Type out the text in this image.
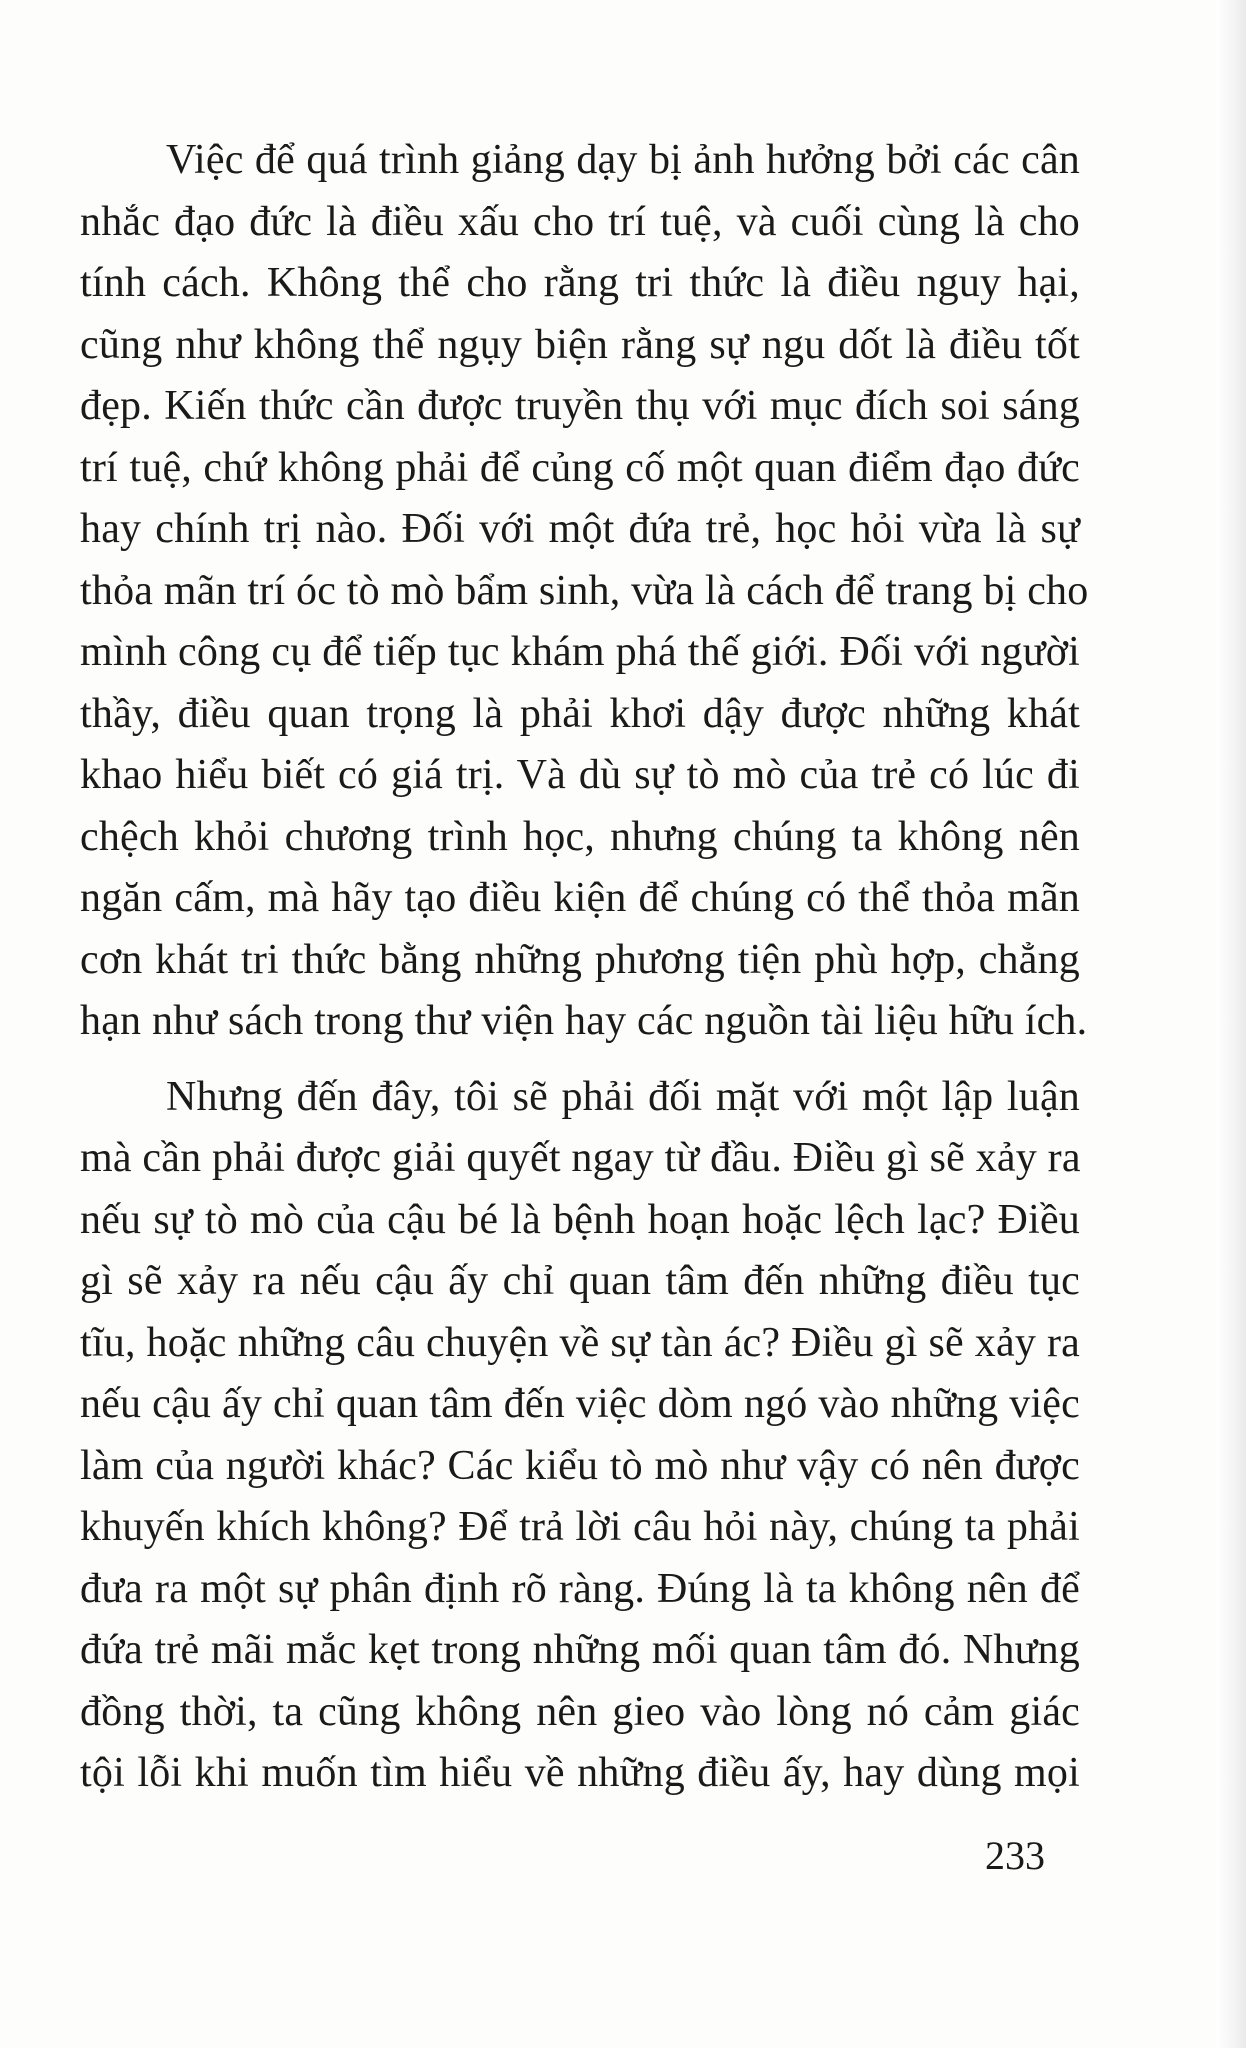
Việc để quá trình giảng dạy bị ảnh hưởng bởi các cân
nhắc đạo đức là điều xấu cho trí tuệ, và cuối cùng là cho
tính cách. Không thể cho rằng tri thức là điều nguy hại,
cũng như không thể ngụy biện rằng sự ngu dốt là điều tốt
đẹp. Kiến thức cần được truyền thụ với mục đích soi sáng
trí tuệ, chứ không phải để củng cố một quan điểm đạo đức
hay chính trị nào. Đối với một đứa trẻ, học hỏi vừa là sự
thỏa mãn trí óc tò mò bẩm sinh, vừa là cách để trang bị cho
mình công cụ để tiếp tục khám phá thế giới. Đối với người
thầy, điều quan trọng là phải khơi dậy được những khát
khao hiểu biết có giá trị. Và dù sự tò mò của trẻ có lúc đi
chệch khỏi chương trình học, nhưng chúng ta không nên
ngăn cấm, mà hãy tạo điều kiện để chúng có thể thỏa mãn
cơn khát tri thức bằng những phương tiện phù hợp, chẳng
hạn như sách trong thư viện hay các nguồn tài liệu hữu ích.
Nhưng đến đây, tôi sẽ phải đối mặt với một lập luận
mà cần phải được giải quyết ngay từ đầu. Điều gì sẽ xảy ra
nếu sự tò mò của cậu bé là bệnh hoạn hoặc lệch lạc? Điều
gì sẽ xảy ra nếu cậu ấy chỉ quan tâm đến những điều tục
tĩu, hoặc những câu chuyện về sự tàn ác? Điều gì sẽ xảy ra
nếu cậu ấy chỉ quan tâm đến việc dòm ngó vào những việc
làm của người khác? Các kiểu tò mò như vậy có nên được
khuyến khích không? Để trả lời câu hỏi này, chúng ta phải
đưa ra một sự phân định rõ ràng. Đúng là ta không nên để
đứa trẻ mãi mắc kẹt trong những mối quan tâm đó. Nhưng
đồng thời, ta cũng không nên gieo vào lòng nó cảm giác
tội lỗi khi muốn tìm hiểu về những điều ấy, hay dùng mọi
233
